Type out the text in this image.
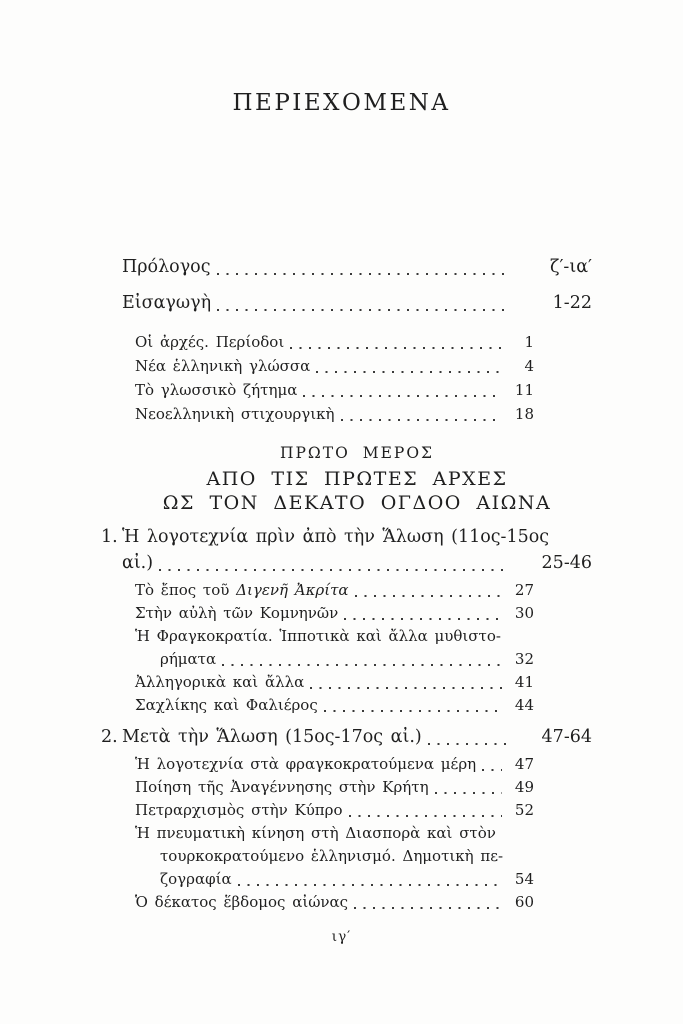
ΠΕΡΙΕΧΟΜΕΝΑ
Πρόλογος	ζ′-ια′
Εἰσαγωγὴ	1-22
Οἱ ἀρχές. Περίοδοι	1
Νέα ἑλληνικὴ γλώσσα	4
Τὸ γλωσσικὸ ζήτημα	11
Νεοελληνικὴ στιχουργικὴ	18
ΠΡΩΤΟ ΜΕΡΟΣ
ΑΠΟ ΤΙΣ ΠΡΩΤΕΣ ΑΡΧΕΣ
ΩΣ ΤΟΝ ΔΕΚΑΤΟ ΟΓΔΟΟ ΑΙΩΝΑ
1. Ἡ λογοτεχνία πρὶν ἀπὸ τὴν Ἅλωση (11ος-15ος
αἰ.)	25-46
Τὸ ἔπος τοῦ Διγενῆ Ἀκρίτα	27
Στὴν αὐλὴ τῶν Κομνηνῶν	30
Ἡ Φραγκοκρατία. Ἱπποτικὰ καὶ ἄλλα μυθιστο-
ρήματα	32
Ἀλληγορικὰ καὶ ἄλλα	41
Σαχλίκης καὶ Φαλιέρος	44
2. Μετὰ τὴν Ἅλωση (15ος-17ος αἰ.)	47-64
Ἡ λογοτεχνία στὰ φραγκοκρατούμενα μέρη	47
Ποίηση τῆς Ἀναγέννησης στὴν Κρήτη	49
Πετραρχισμὸς στὴν Κύπρο	52
Ἡ πνευματικὴ κίνηση στὴ Διασπορὰ καὶ στὸν
τουρκοκρατούμενο ἑλληνισμό. Δημοτικὴ πε-
ζογραφία	54
Ὁ δέκατος ἕβδομος αἰώνας	60
ιγ′
